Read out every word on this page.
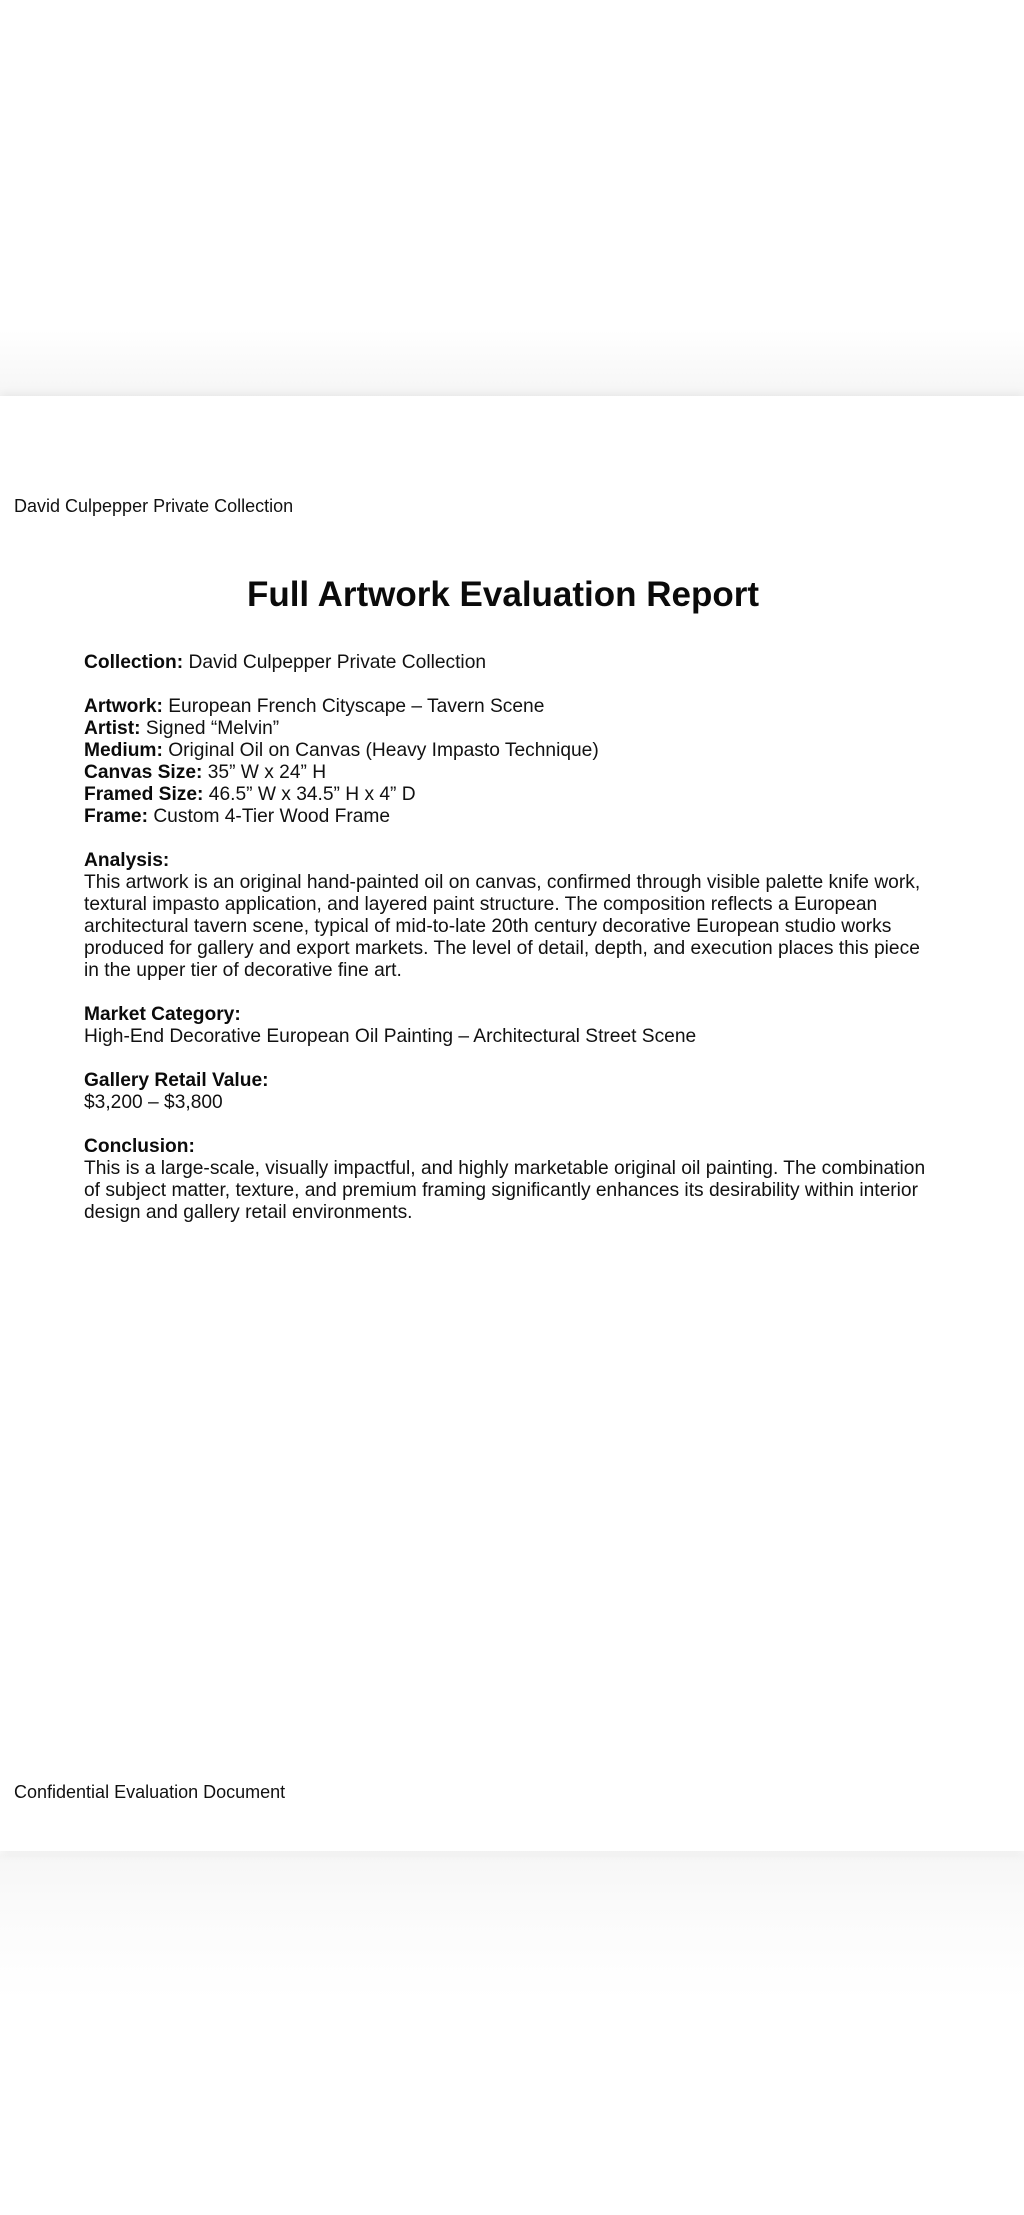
David Culpepper Private Collection
Full Artwork Evaluation Report

Collection: David Culpepper Private Collection

Artwork: European French Cityscape – Tavern Scene

Artist: Signed “Melvin”

Medium: Original Oil on Canvas (Heavy Impasto Technique)

Canvas Size: 35” W x 24” H

Framed Size: 46.5” W x 34.5” H x 4” D

Frame: Custom 4-Tier Wood Frame

Analysis:

This artwork is an original hand-painted oil on canvas, confirmed through visible palette knife work, textural impasto application, and layered paint structure. The composition reflects a European architectural tavern scene, typical of mid-to-late 20th century decorative European studio works produced for gallery and export markets. The level of detail, depth, and execution places this piece in the upper tier of decorative fine art.

Market Category:

High-End Decorative European Oil Painting – Architectural Street Scene

Gallery Retail Value:

$3,200 – $3,800

Conclusion:

This is a large-scale, visually impactful, and highly marketable original oil painting. The combination of subject matter, texture, and premium framing significantly enhances its desirability within interior design and gallery retail environments.

Confidential Evaluation Document
